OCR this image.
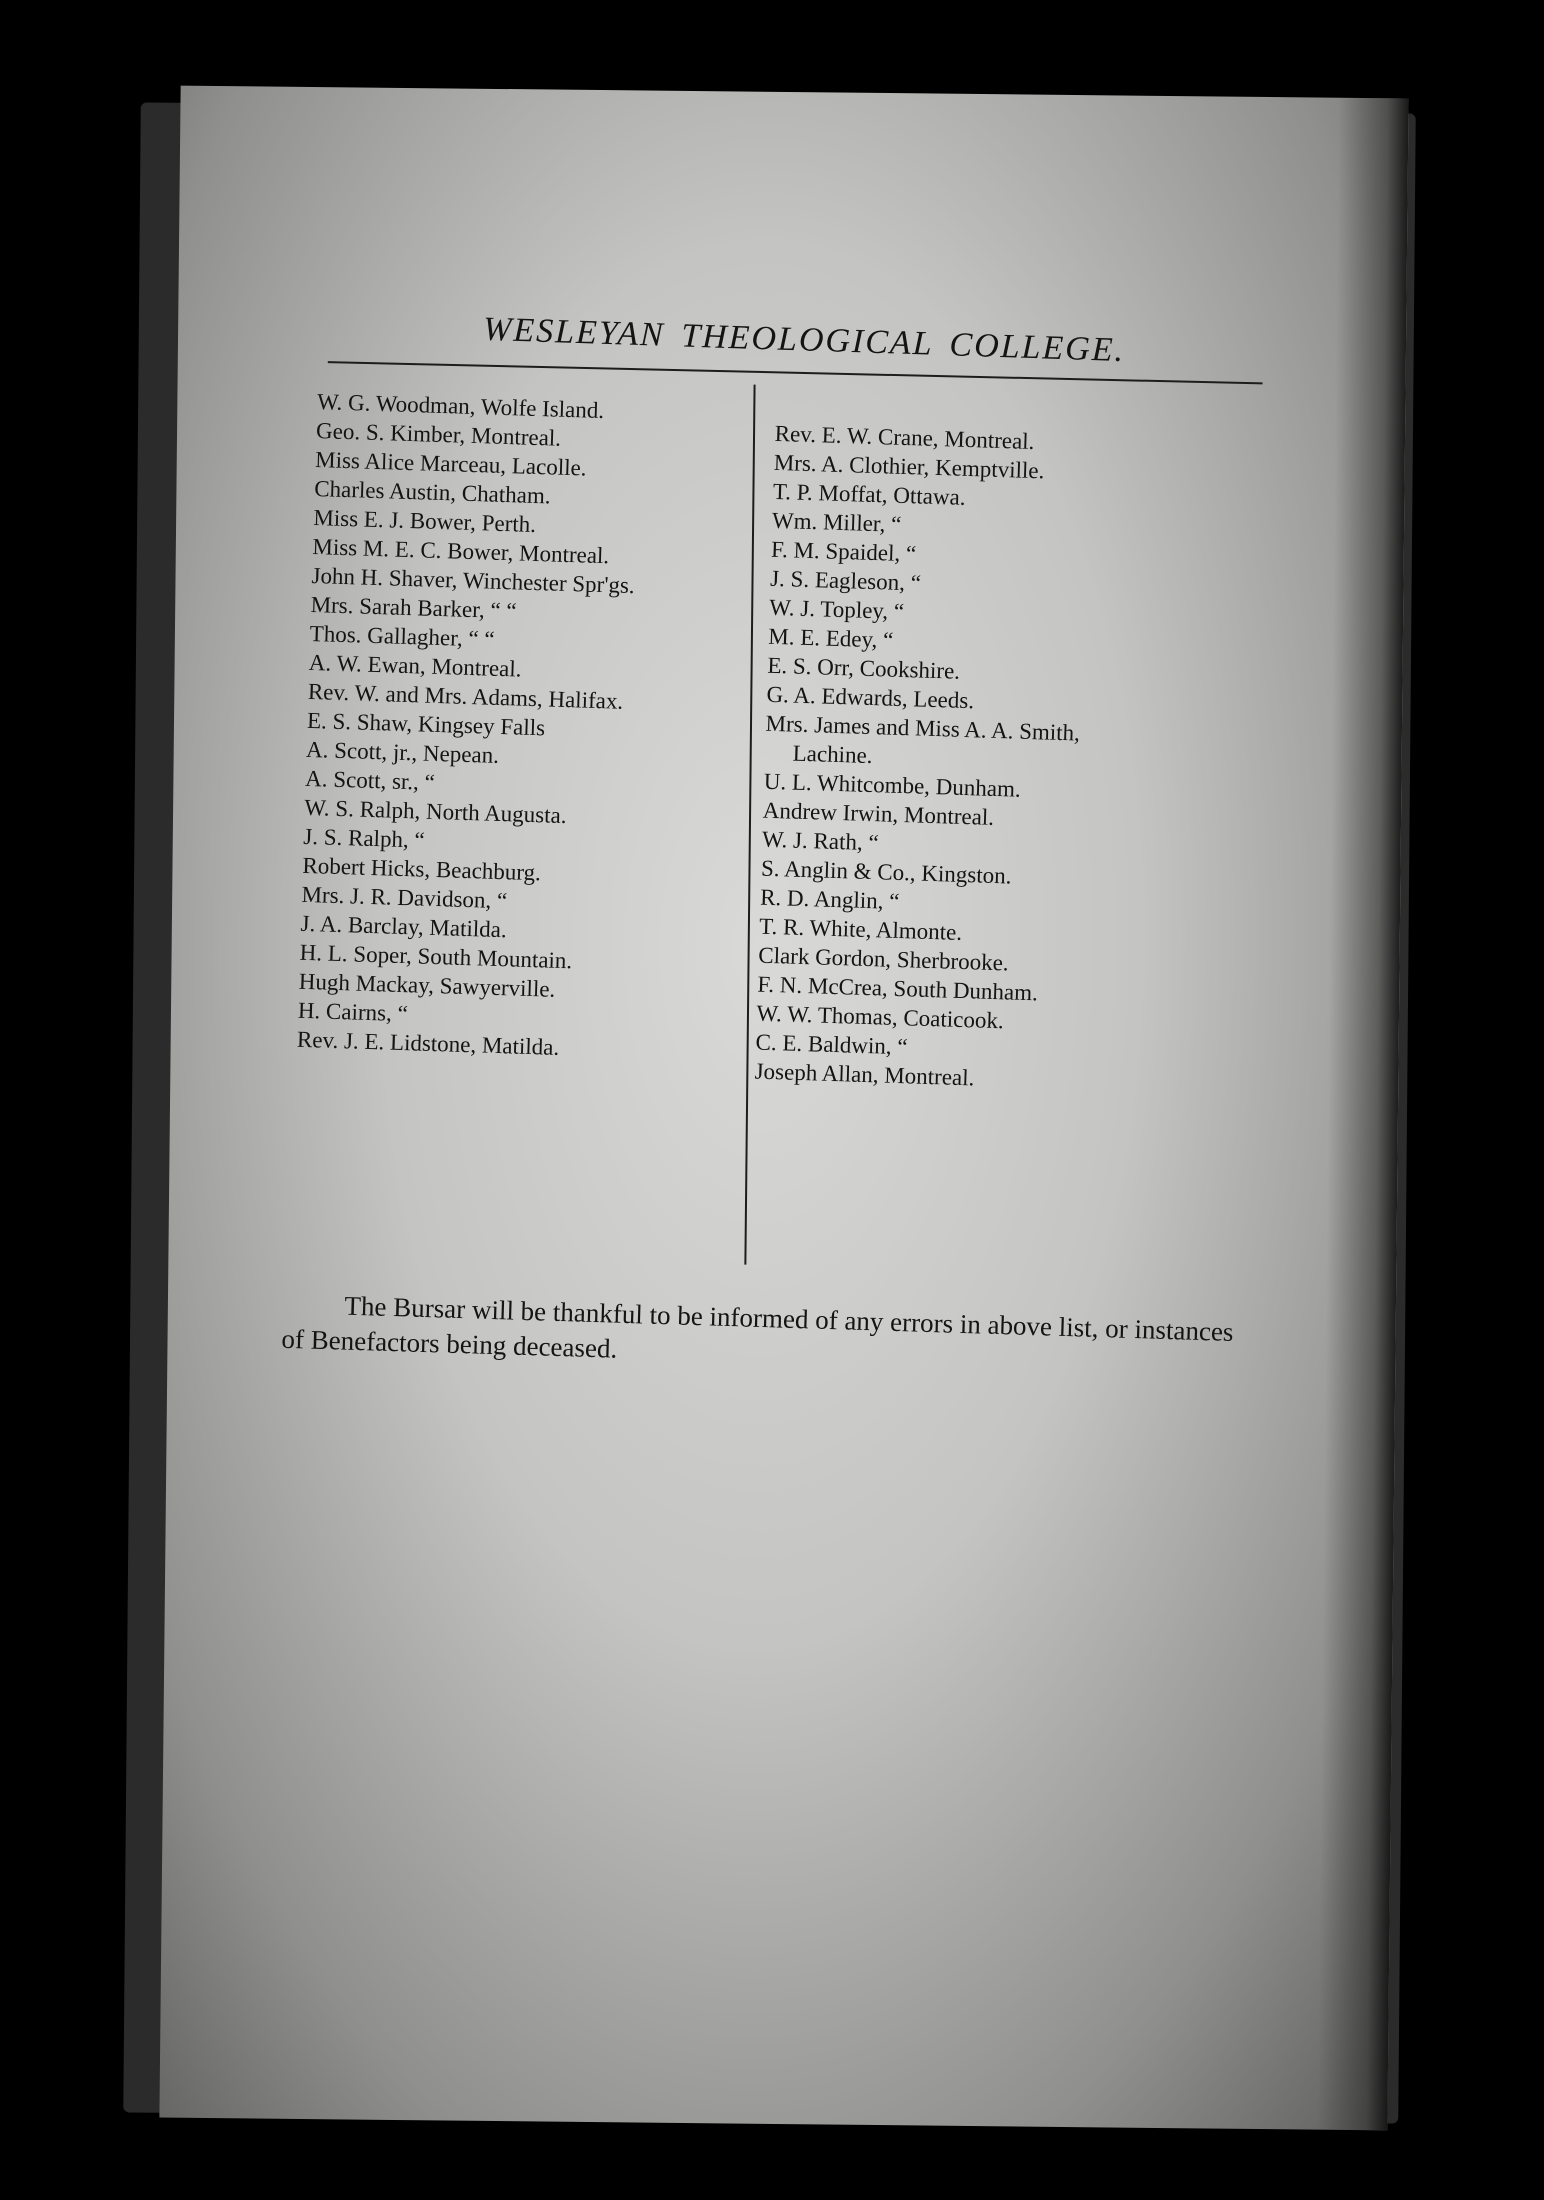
WESLEYAN THEOLOGICAL COLLEGE.
W. G. Woodman, Wolfe Island.
Geo. S. Kimber, Montreal.
Miss Alice Marceau, Lacolle.
Charles Austin, Chatham.
Miss E. J. Bower, Perth.
Miss M. E. C. Bower, Montreal.
John H. Shaver, Winchester Spr'gs.
Mrs. Sarah Barker, “ “
Thos. Gallagher, “ “
A. W. Ewan, Montreal.
Rev. W. and Mrs. Adams, Halifax.
E. S. Shaw, Kingsey Falls
A. Scott, jr., Nepean.
A. Scott, sr., “
W. S. Ralph, North Augusta.
J. S. Ralph, “
Robert Hicks, Beachburg.
Mrs. J. R. Davidson, “
J. A. Barclay, Matilda.
H. L. Soper, South Mountain.
Hugh Mackay, Sawyerville.
H. Cairns, “
Rev. J. E. Lidstone, Matilda.
Rev. E. W. Crane, Montreal.
Mrs. A. Clothier, Kemptville.
T. P. Moffat, Ottawa.
Wm. Miller, “
F. M. Spaidel, “
J. S. Eagleson, “
W. J. Topley, “
M. E. Edey, “
E. S. Orr, Cookshire.
G. A. Edwards, Leeds.
Mrs. James and Miss A. A. Smith,
Lachine.
U. L. Whitcombe, Dunham.
Andrew Irwin, Montreal.
W. J. Rath, “
S. Anglin & Co., Kingston.
R. D. Anglin, “
T. R. White, Almonte.
Clark Gordon, Sherbrooke.
F. N. McCrea, South Dunham.
W. W. Thomas, Coaticook.
C. E. Baldwin, “
Joseph Allan, Montreal.

The Bursar will be thankful to be informed of any errors in above list, or instances of Benefactors being deceased.
